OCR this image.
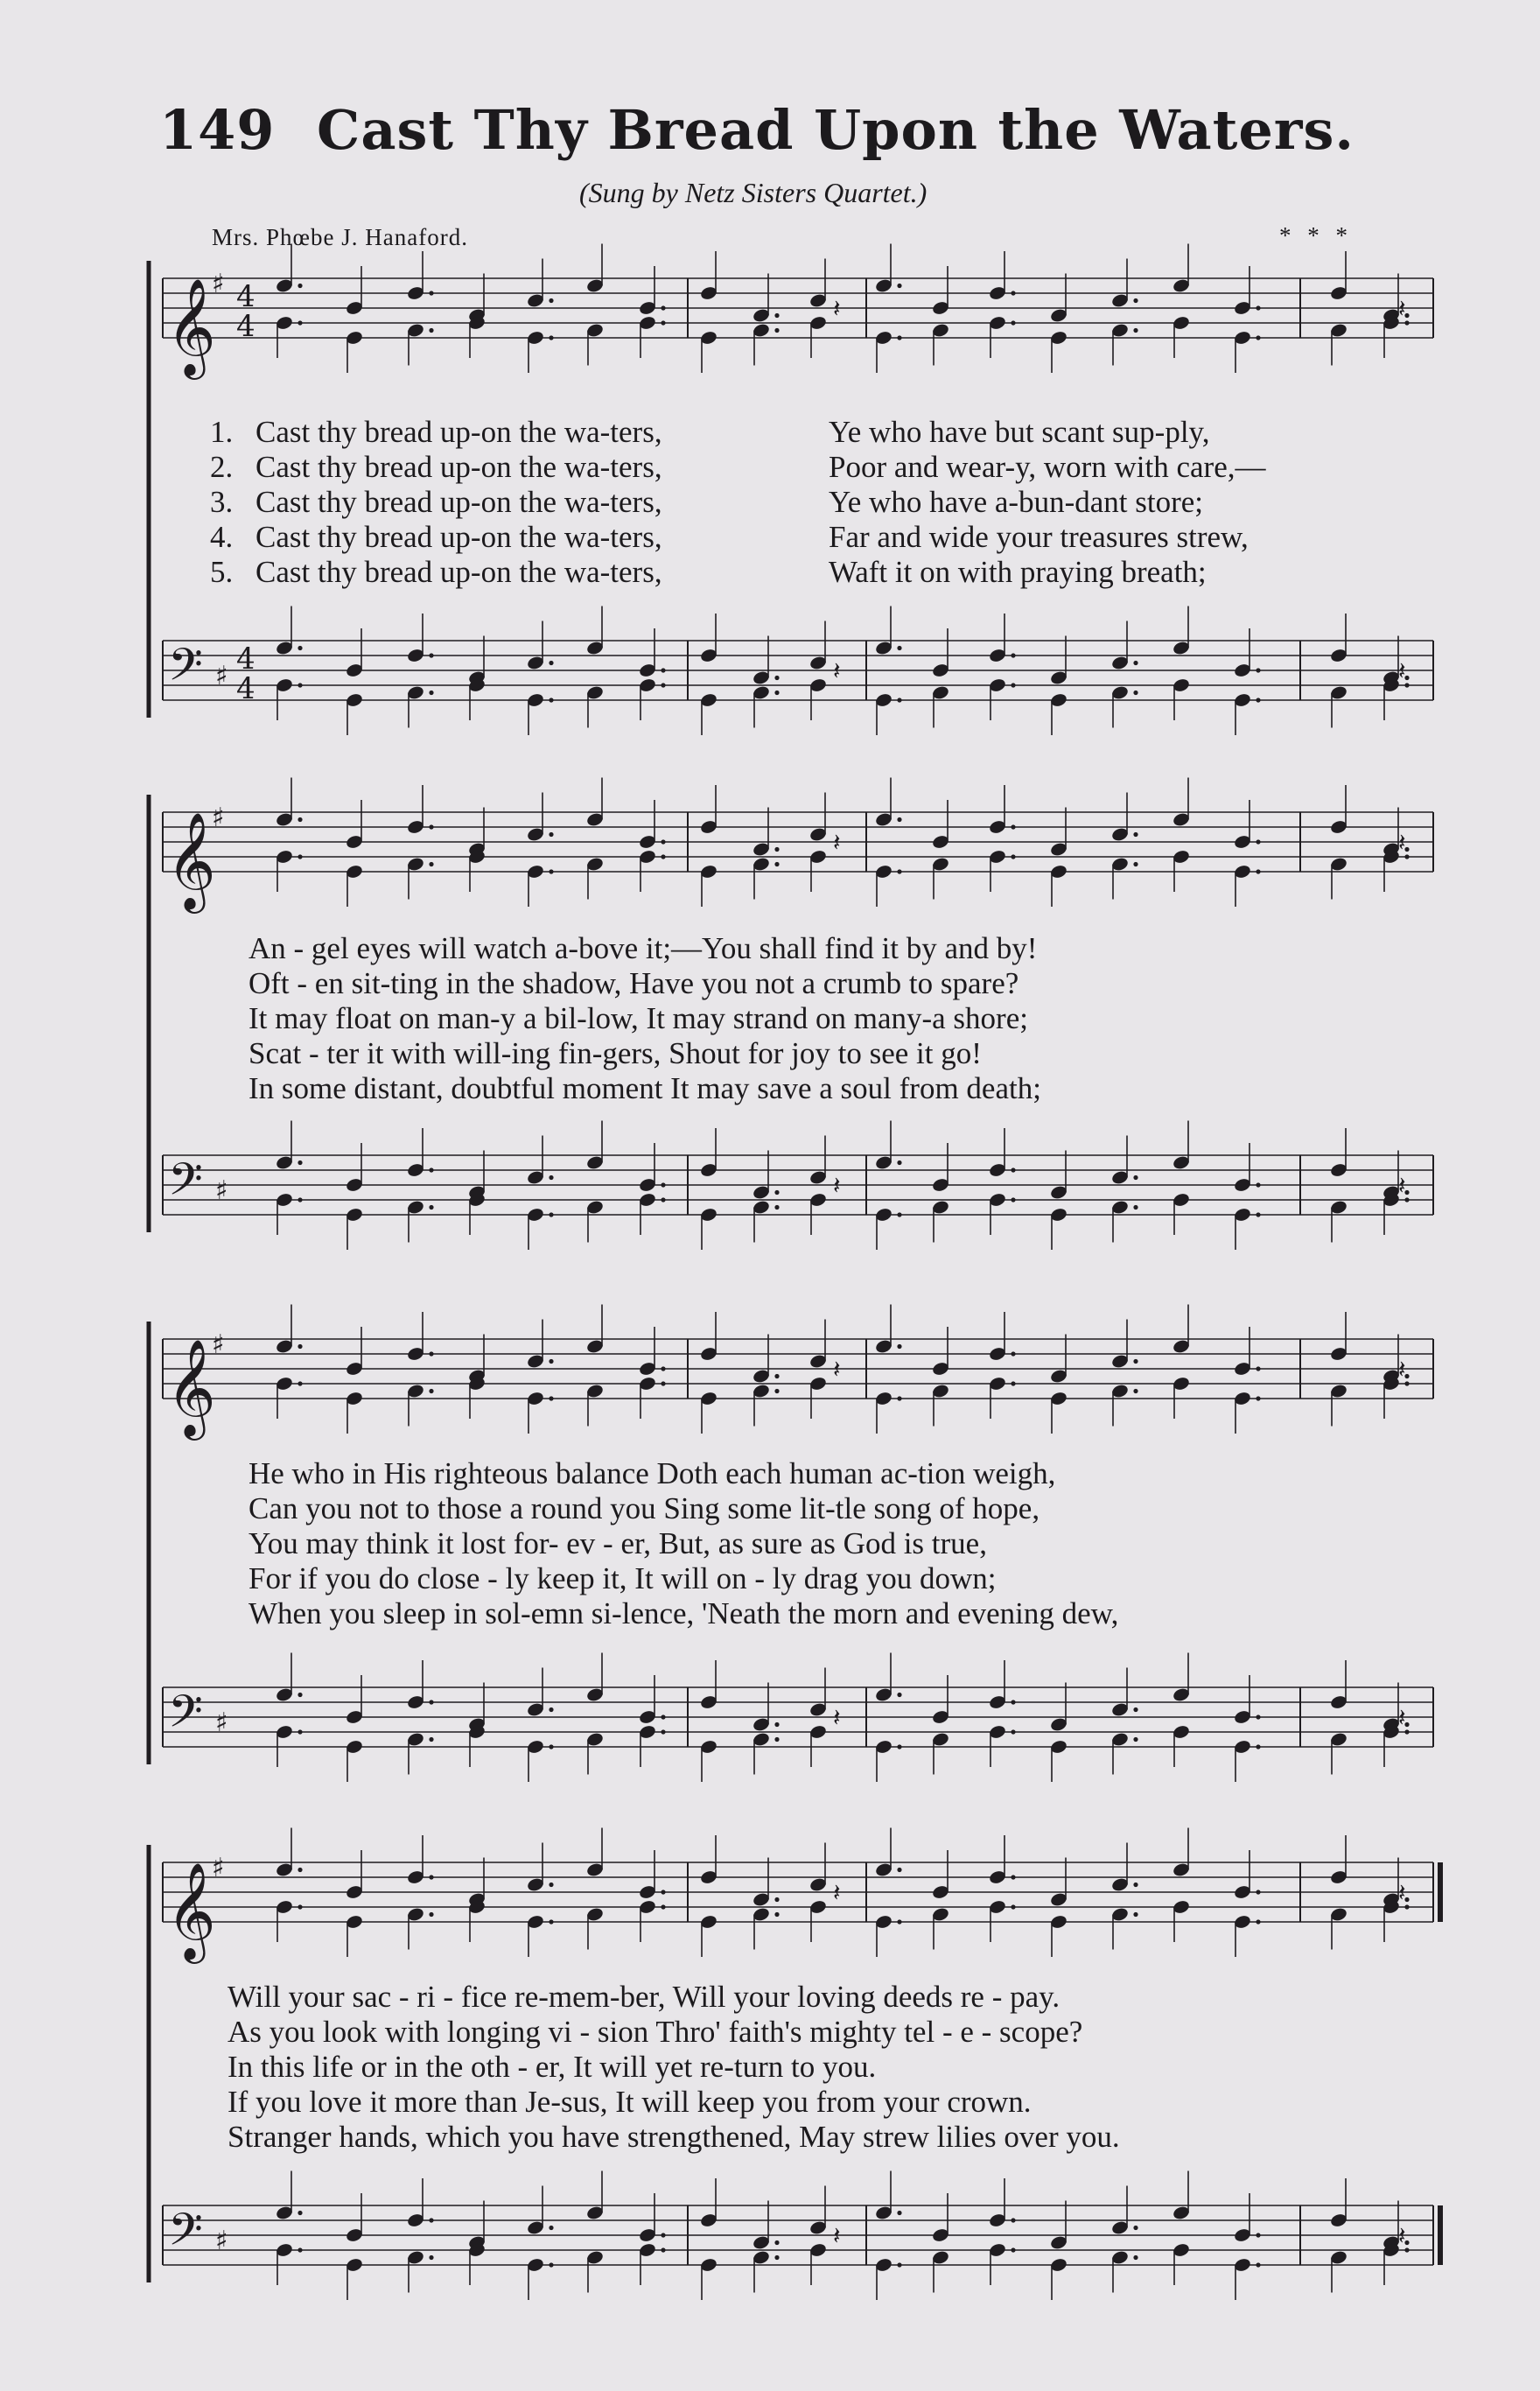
149 Cast Thy Bread Upon the Waters.
(Sung by Netz Sisters Quartet.)
Mrs. Phœbe J. Hanaford.	* * *
𝄞
♯ 4
4
𝄽	𝄽
𝄢 ♯ 4
4
𝄽	𝄽
𝄞
♯
𝄽	𝄽
𝄢 ♯	𝄽	𝄽
𝄞
♯
𝄽	𝄽
𝄢 ♯	𝄽	𝄽
𝄞
♯
𝄽	𝄽
𝄢 ♯	𝄽	𝄽
1. Cast thy bread up-on the wa-ters,	Ye who have but scant sup-ply,
2. Cast thy bread up-on the wa-ters,	Poor and wear-y, worn with care,—
3. Cast thy bread up-on the wa-ters,	Ye who have a-bun-dant store;
4. Cast thy bread up-on the wa-ters,	Far and wide your treasures strew,
5. Cast thy bread up-on the wa-ters,	Waft it on with praying breath;
An - gel eyes will watch a-bove it;—You shall find it by and by!
Oft - en sit-ting in the shadow, Have you not a crumb to spare?
It may float on man-y a bil-low, It may strand on many-a shore;
Scat - ter it with will-ing fin-gers, Shout for joy to see it go!
In some distant, doubtful moment It may save a soul from death;
He who in His righteous balance Doth each human ac-tion weigh,
Can you not to those a round you Sing some lit-tle song of hope,
You may think it lost for- ev - er, But, as sure as God is true,
For if you do close - ly keep it, It will on - ly drag you down;
When you sleep in sol-emn si-lence, 'Neath the morn and evening dew,
Will your sac - ri - fice re-mem-ber, Will your loving deeds re - pay.
As you look with longing vi - sion Thro' faith's mighty tel - e - scope?
In this life or in the oth - er, It will yet re-turn to you.
If you love it more than Je-sus, It will keep you from your crown.
Stranger hands, which you have strengthened, May strew lilies over you.
